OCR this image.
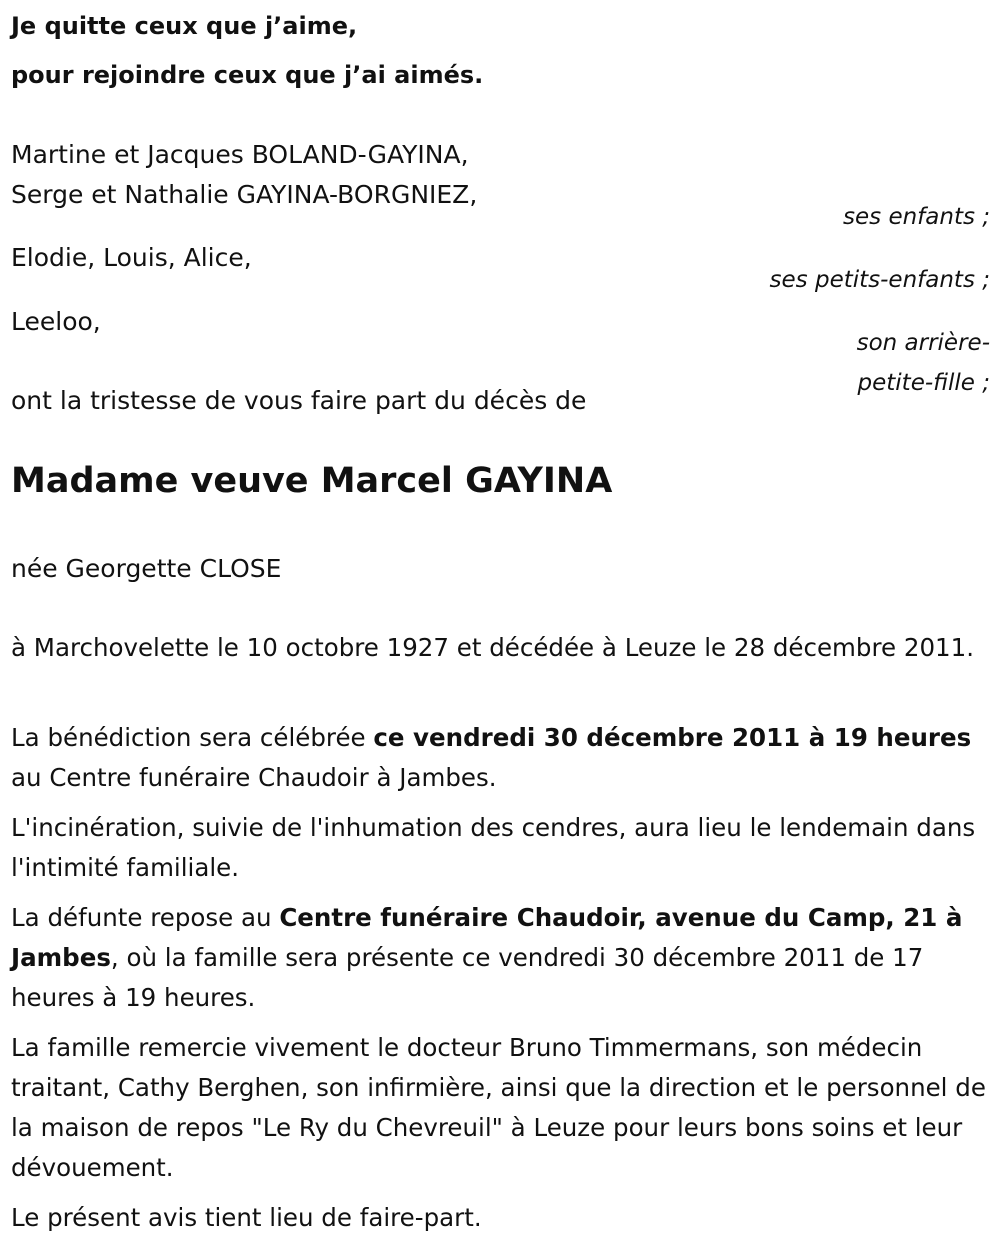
Je quitte ceux que j’aime,
pour rejoindre ceux que j’ai aimés.
Martine et Jacques BOLAND-GAYINA,
Serge et Nathalie GAYINA-BORGNIEZ,
ses enfants ;
Elodie, Louis, Alice,
ses petits-enfants ;
Leeloo,
son arrière-
petite-fille ;
ont la tristesse de vous faire part du décès de
Madame veuve Marcel GAYINA
née Georgette CLOSE
à Marchovelette le 10 octobre 1927 et décédée à Leuze le 28 décembre 2011.
La bénédiction sera célébrée ce vendredi 30 décembre 2011 à 19 heures au Centre funéraire Chaudoir à Jambes.
L'incinération, suivie de l'inhumation des cendres, aura lieu le lendemain dans l'intimité familiale.
La défunte repose au Centre funéraire Chaudoir, avenue du Camp, 21 à Jambes, où la famille sera présente ce vendredi 30 décembre 2011 de 17 heures à 19 heures.
La famille remercie vivement le docteur Bruno Timmermans, son médecin traitant, Cathy Berghen, son infirmière, ainsi que la direction et le personnel de la maison de repos "Le Ry du Chevreuil" à Leuze pour leurs bons soins et leur dévouement.
Le présent avis tient lieu de faire-part.
